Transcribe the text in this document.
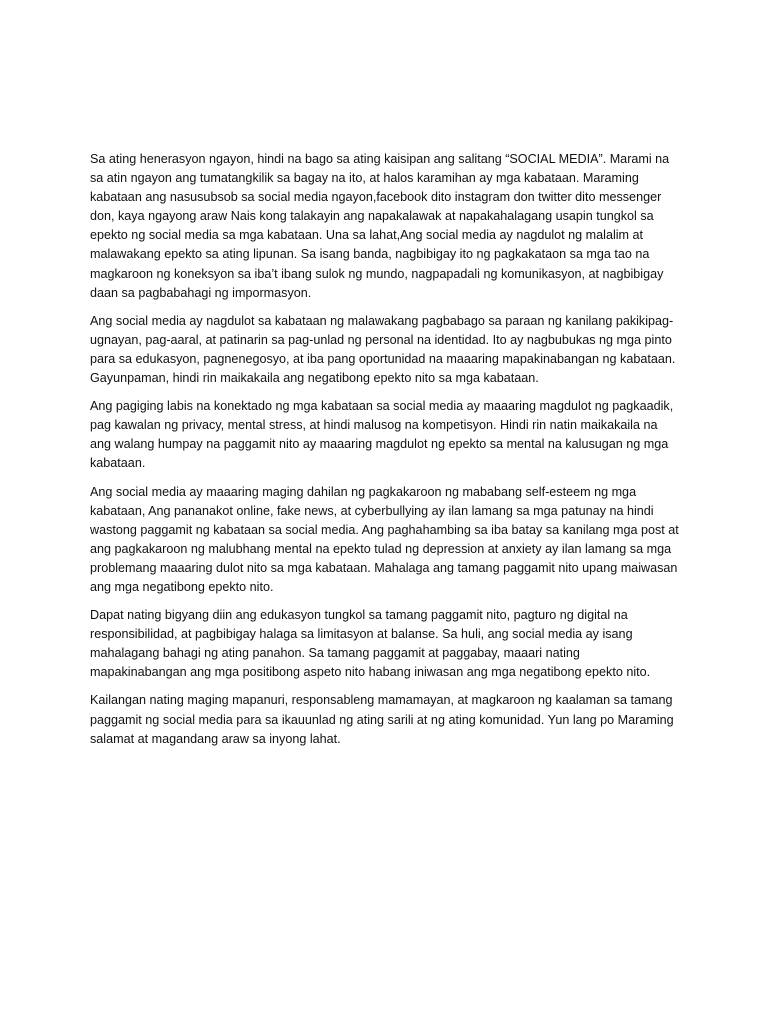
Sa ating henerasyon ngayon, hindi na bago sa ating kaisipan ang salitang “SOCIAL MEDIA”. Marami na sa atin ngayon ang tumatangkilik sa bagay na ito, at halos karamihan ay mga kabataan. Maraming kabataan ang nasusubsob sa social media ngayon,facebook dito instagram don twitter dito messenger don, kaya ngayong araw Nais kong talakayin ang napakalawak at napakahalagang usapin tungkol sa epekto ng social media sa mga kabataan. Una sa lahat,Ang social media ay nagdulot ng malalim at malawakang epekto sa ating lipunan. Sa isang banda, nagbibigay ito ng pagkakataon sa mga tao na magkaroon ng koneksyon sa iba’t ibang sulok ng mundo, nagpapadali ng komunikasyon, at nagbibigay daan sa pagbabahagi ng impormasyon.

Ang social media ay nagdulot sa kabataan ng malawakang pagbabago sa paraan ng kanilang pakikipag-ugnayan, pag-aaral, at patinarin sa pag-unlad ng personal na identidad. Ito ay nagbubukas ng mga pinto para sa edukasyon, pagnenegosyo, at iba pang oportunidad na maaaring mapakinabangan ng kabataan. Gayunpaman, hindi rin maikakaila ang negatibong epekto nito sa mga kabataan.

Ang pagiging labis na konektado ng mga kabataan sa social media ay maaaring magdulot ng pagkaadik, pag kawalan ng privacy, mental stress, at hindi malusog na kompetisyon. Hindi rin natin maikakaila na ang walang humpay na paggamit nito ay maaaring magdulot ng epekto sa mental na kalusugan ng mga kabataan.

Ang social media ay maaaring maging dahilan ng pagkakaroon ng mababang self-esteem ng mga kabataan, Ang pananakot online, fake news, at cyberbullying ay ilan lamang sa mga patunay na hindi wastong paggamit ng kabataan sa social media. Ang paghahambing sa iba batay sa kanilang mga post at ang pagkakaroon ng malubhang mental na epekto tulad ng depression at anxiety ay ilan lamang sa mga problemang maaaring dulot nito sa mga kabataan. Mahalaga ang tamang paggamit nito upang maiwasan ang mga negatibong epekto nito.

Dapat nating bigyang diin ang edukasyon tungkol sa tamang paggamit nito, pagturo ng digital na responsibilidad, at pagbibigay halaga sa limitasyon at balanse. Sa huli, ang social media ay isang mahalagang bahagi ng ating panahon. Sa tamang paggamit at paggabay, maaari nating mapakinabangan ang mga positibong aspeto nito habang iniwasan ang mga negatibong epekto nito.

Kailangan nating maging mapanuri, responsableng mamamayan, at magkaroon ng kaalaman sa tamang paggamit ng social media para sa ikauunlad ng ating sarili at ng ating komunidad. Yun lang po Maraming salamat at magandang araw sa inyong lahat.
